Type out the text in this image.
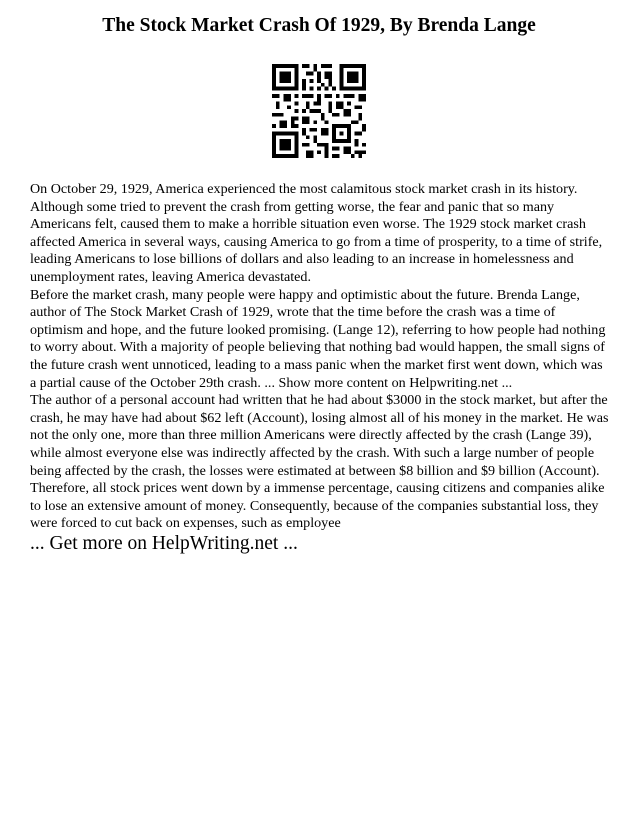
The Stock Market Crash Of 1929, By Brenda Lange

On October 29, 1929, America experienced the most calamitous stock market crash in its history. Although some tried to prevent the crash from getting worse, the fear and panic that so many Americans felt, caused them to make a horrible situation even worse. The 1929 stock market crash affected America in several ways, causing America to go from a time of prosperity, to a time of strife, leading Americans to lose billions of dollars and also leading to an increase in homelessness and unemployment rates, leaving America devastated.

Before the market crash, many people were happy and optimistic about the future. Brenda Lange, author of The Stock Market Crash of 1929, wrote that the time before the crash was a time of optimism and hope, and the future looked promising. (Lange 12), referring to how people had nothing to worry about. With a majority of people believing that nothing bad would happen, the small signs of the future crash went unnoticed, leading to a mass panic when the market first went down, which was a partial cause of the October 29th crash. ... Show more content on Helpwriting.net ...

The author of a personal account had written that he had about $3000 in the stock market, but after the crash, he may have had about $62 left (Account), losing almost all of his money in the market. He was not the only one, more than three million Americans were directly affected by the crash (Lange 39), while almost everyone else was indirectly affected by the crash. With such a large number of people being affected by the crash, the losses were estimated at between $8 billion and $9 billion (Account). Therefore, all stock prices went down by a immense percentage, causing citizens and companies alike to lose an extensive amount of money. Consequently, because of the companies substantial loss, they were forced to cut back on expenses, such as employee

... Get more on HelpWriting.net ...
